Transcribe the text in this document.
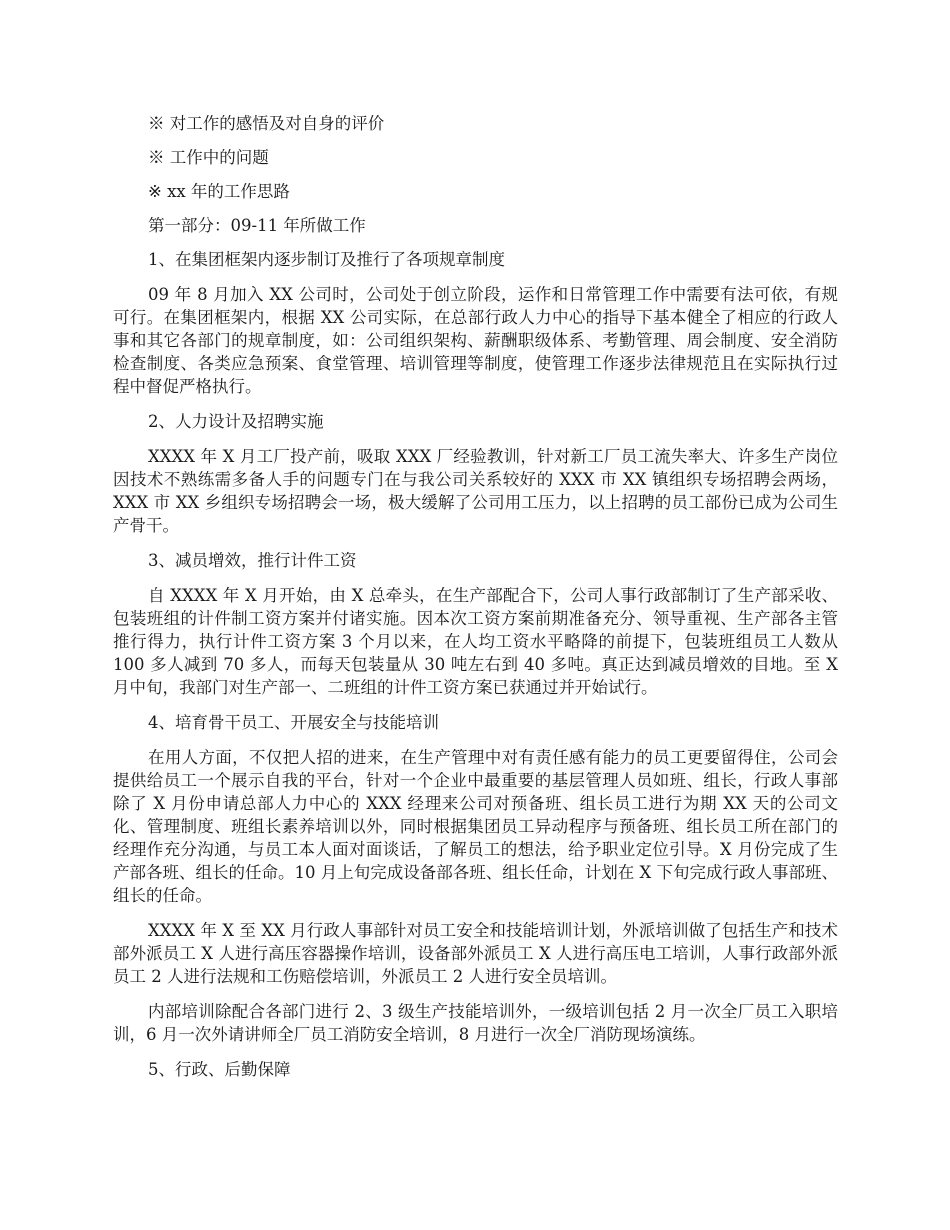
※ 对工作的感悟及对自身的评价

※ 工作中的问题

※ xx 年的工作思路

第一部分：09-11 年所做工作

1、在集团框架内逐步制订及推行了各项规章制度

09 年 8 月加入 XX 公司时，公司处于创立阶段，运作和日常管理工作中需要有法可依，有规可行。在集团框架内，根据 XX 公司实际，在总部行政人力中心的指导下基本健全了相应的行政人事和其它各部门的规章制度，如：公司组织架构、薪酬职级体系、考勤管理、周会制度、安全消防检查制度、各类应急预案、食堂管理、培训管理等制度，使管理工作逐步法律规范且在实际执行过程中督促严格执行。

2、人力设计及招聘实施

XXXX 年 X 月工厂投产前，吸取 XXX 厂经验教训，针对新工厂员工流失率大、许多生产岗位因技术不熟练需多备人手的问题专门在与我公司关系较好的 XXX 市 XX 镇组织专场招聘会两场，XXX 市 XX 乡组织专场招聘会一场，极大缓解了公司用工压力，以上招聘的员工部份已成为公司生产骨干。

3、减员增效，推行计件工资

自 XXXX 年 X 月开始，由 X 总牵头，在生产部配合下，公司人事行政部制订了生产部采收、包装班组的计件制工资方案并付诸实施。因本次工资方案前期准备充分、领导重视、生产部各主管推行得力，执行计件工资方案 3 个月以来，在人均工资水平略降的前提下，包装班组员工人数从 100 多人减到 70 多人，而每天包装量从 30 吨左右到 40 多吨。真正达到减员增效的目地。至 X 月中旬，我部门对生产部一、二班组的计件工资方案已获通过并开始试行。

4、培育骨干员工、开展安全与技能培训

在用人方面，不仅把人招的进来，在生产管理中对有责任感有能力的员工更要留得住，公司会提供给员工一个展示自我的平台，针对一个企业中最重要的基层管理人员如班、组长，行政人事部除了 X 月份申请总部人力中心的 XXX 经理来公司对预备班、组长员工进行为期 XX 天的公司文化、管理制度、班组长素养培训以外，同时根据集团员工异动程序与预备班、组长员工所在部门的经理作充分沟通，与员工本人面对面谈话，了解员工的想法，给予职业定位引导。X 月份完成了生产部各班、组长的任命。10 月上旬完成设备部各班、组长任命，计划在 X 下旬完成行政人事部班、组长的任命。

XXXX 年 X 至 XX 月行政人事部针对员工安全和技能培训计划，外派培训做了包括生产和技术部外派员工 X 人进行高压容器操作培训，设备部外派员工 X 人进行高压电工培训，人事行政部外派员工 2 人进行法规和工伤赔偿培训，外派员工 2 人进行安全员培训。

内部培训除配合各部门进行 2、3 级生产技能培训外，一级培训包括 2 月一次全厂员工入职培训，6 月一次外请讲师全厂员工消防安全培训，8 月进行一次全厂消防现场演练。

5、行政、后勤保障
